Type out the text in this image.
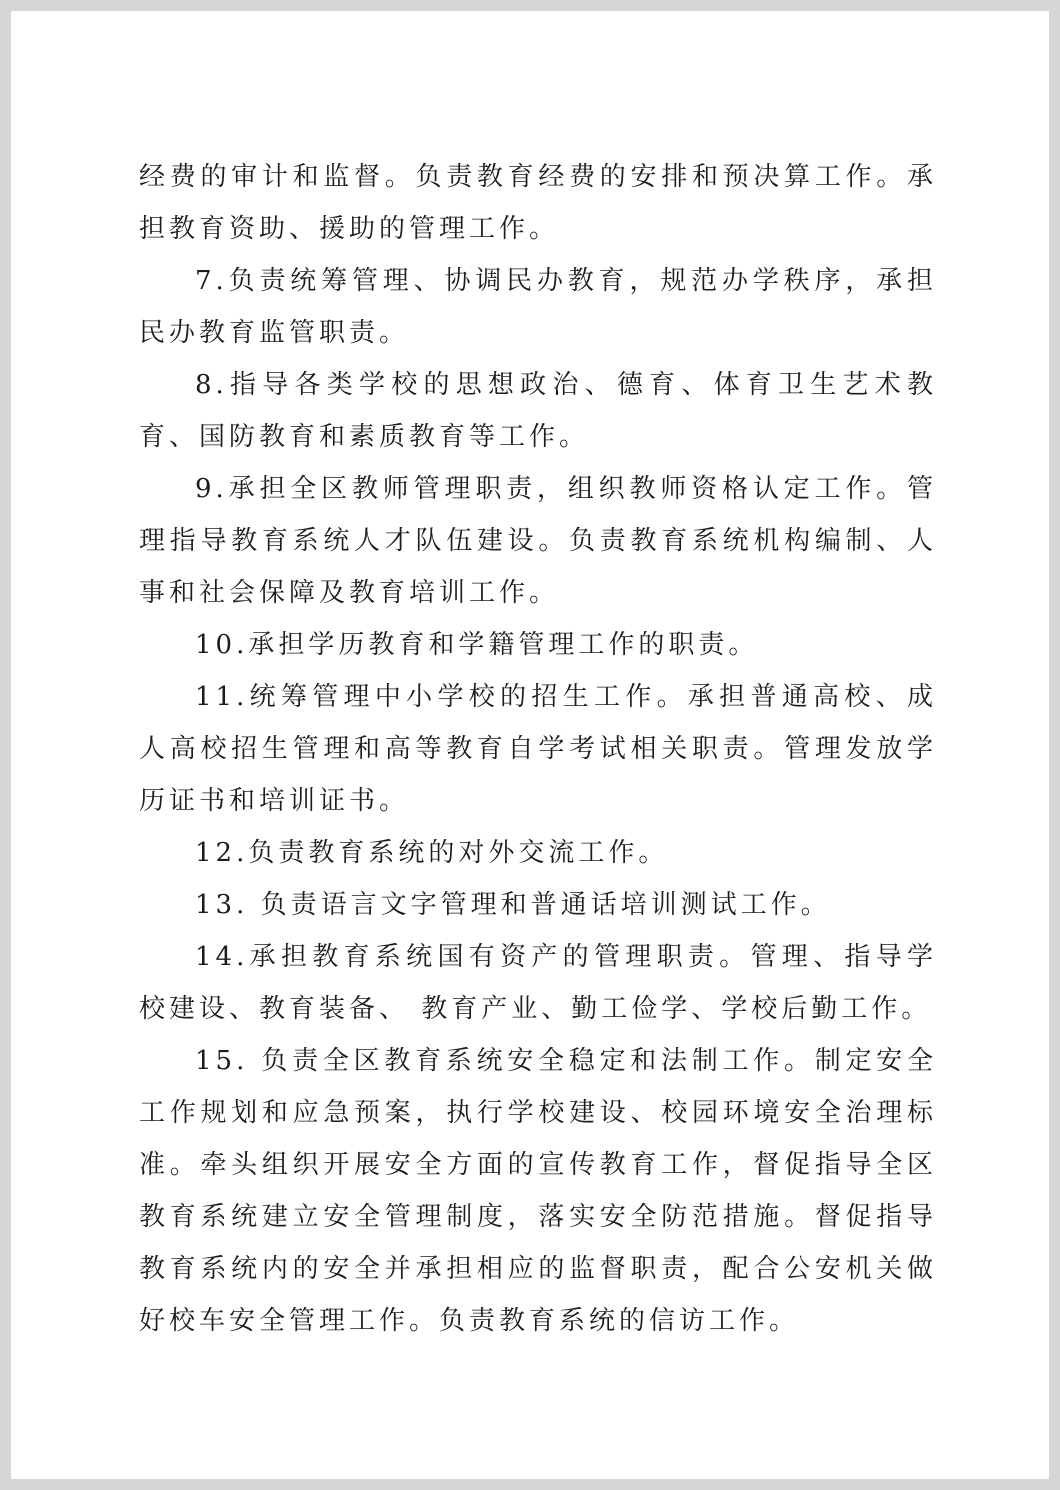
经费的审计和监督。负责教育经费的安排和预决算工作。承担教育资助、援助的管理工作。

7.负责统筹管理、协调民办教育，规范办学秩序，承担民办教育监管职责。

8.指导各类学校的思想政治、德育、体育卫生艺术教育、国防教育和素质教育等工作。

9.承担全区教师管理职责，组织教师资格认定工作。管理指导教育系统人才队伍建设。负责教育系统机构编制、人事和社会保障及教育培训工作。

10.承担学历教育和学籍管理工作的职责。

11.统筹管理中小学校的招生工作。承担普通高校、成人高校招生管理和高等教育自学考试相关职责。管理发放学历证书和培训证书。

12.负责教育系统的对外交流工作。

13. 负责语言文字管理和普通话培训测试工作。

14.承担教育系统国有资产的管理职责。管理、指导学校建设、教育装备、 教育产业、勤工俭学、学校后勤工作。

15. 负责全区教育系统安全稳定和法制工作。制定安全工作规划和应急预案，执行学校建设、校园环境安全治理标准。牵头组织开展安全方面的宣传教育工作，督促指导全区教育系统建立安全管理制度，落实安全防范措施。督促指导教育系统内的安全并承担相应的监督职责，配合公安机关做好校车安全管理工作。负责教育系统的信访工作。
